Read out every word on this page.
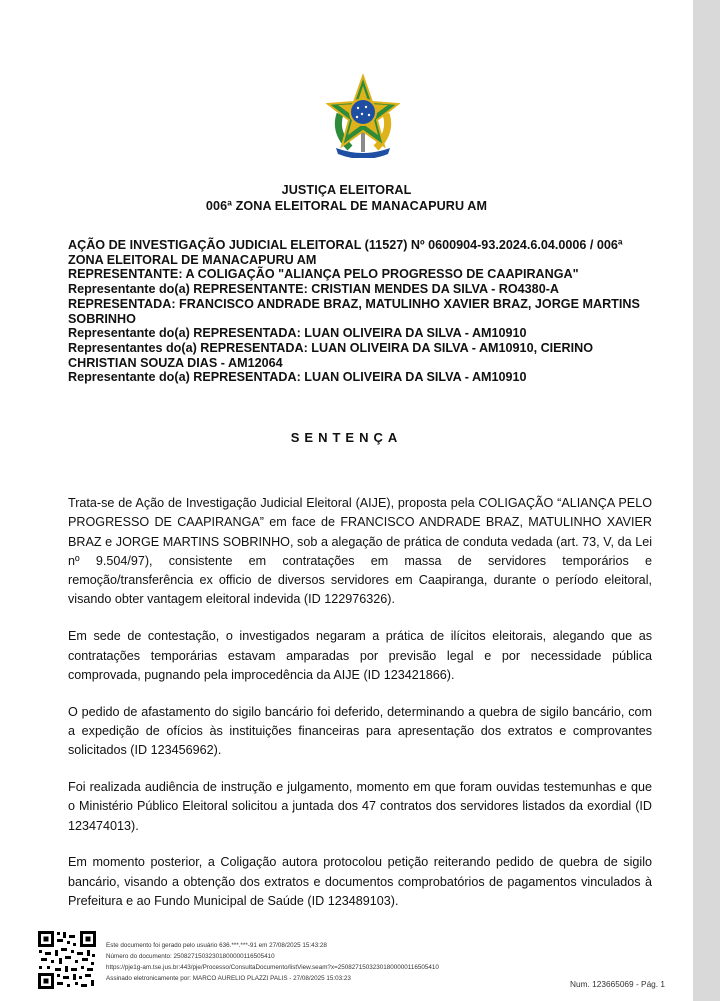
JUSTIÇA ELEITORAL
006ª ZONA ELEITORAL DE MANACAPURU AM
AÇÃO DE INVESTIGAÇÃO JUDICIAL ELEITORAL (11527) Nº 0600904-93.2024.6.04.0006 / 006ª ZONA ELEITORAL DE MANACAPURU AM
REPRESENTANTE: A COLIGAÇÃO "ALIANÇA PELO PROGRESSO DE CAAPIRANGA"
Representante do(a) REPRESENTANTE: CRISTIAN MENDES DA SILVA - RO4380-A
REPRESENTADA: FRANCISCO ANDRADE BRAZ, MATULINHO XAVIER BRAZ, JORGE MARTINS SOBRINHO
Representante do(a) REPRESENTADA: LUAN OLIVEIRA DA SILVA - AM10910
Representantes do(a) REPRESENTADA: LUAN OLIVEIRA DA SILVA - AM10910, CIERINO CHRISTIAN SOUZA DIAS - AM12064
Representante do(a) REPRESENTADA: LUAN OLIVEIRA DA SILVA - AM10910
SENTENÇA

Trata-se de Ação de Investigação Judicial Eleitoral (AIJE), proposta pela COLIGAÇÃO “ALIANÇA PELO PROGRESSO DE CAAPIRANGA” em face de FRANCISCO ANDRADE BRAZ, MATULINHO XAVIER BRAZ e JORGE MARTINS SOBRINHO, sob a alegação de prática de conduta vedada (art. 73, V, da Lei nº 9.504/97), consistente em contratações em massa de servidores temporários e remoção/transferência ex officio de diversos servidores em Caapiranga, durante o período eleitoral, visando obter vantagem eleitoral indevida (ID 122976326).

Em sede de contestação, o investigados negaram a prática de ilícitos eleitorais, alegando que as contratações temporárias estavam amparadas por previsão legal e por necessidade pública comprovada, pugnando pela improcedência da AIJE (ID 123421866).

O pedido de afastamento do sigilo bancário foi deferido, determinando a quebra de sigilo bancário, com a expedição de ofícios às instituições financeiras para apresentação dos extratos e comprovantes solicitados (ID 123456962).

Foi realizada audiência de instrução e julgamento, momento em que foram ouvidas testemunhas e que o Ministério Público Eleitoral solicitou a juntada dos 47 contratos dos servidores listados da exordial (ID 123474013).

Em momento posterior, a Coligação autora protocolou petição reiterando pedido de quebra de sigilo bancário, visando a obtenção dos extratos e documentos comprobatórios de pagamentos vinculados à Prefeitura e ao Fundo Municipal de Saúde (ID 123489103).

Este documento foi gerado pelo usuário 636.***.***-91 em 27/08/2025 15:43:28
Número do documento: 25082715032301800000116505410
https://pje1g-am.tse.jus.br:443/pje/Processo/ConsultaDocumento/listView.seam?x=25082715032301800000116505410
Assinado eletronicamente por: MARCO AURELIO PLAZZI PALIS - 27/08/2025 15:03:23
Num. 123665069 - Pág. 1
